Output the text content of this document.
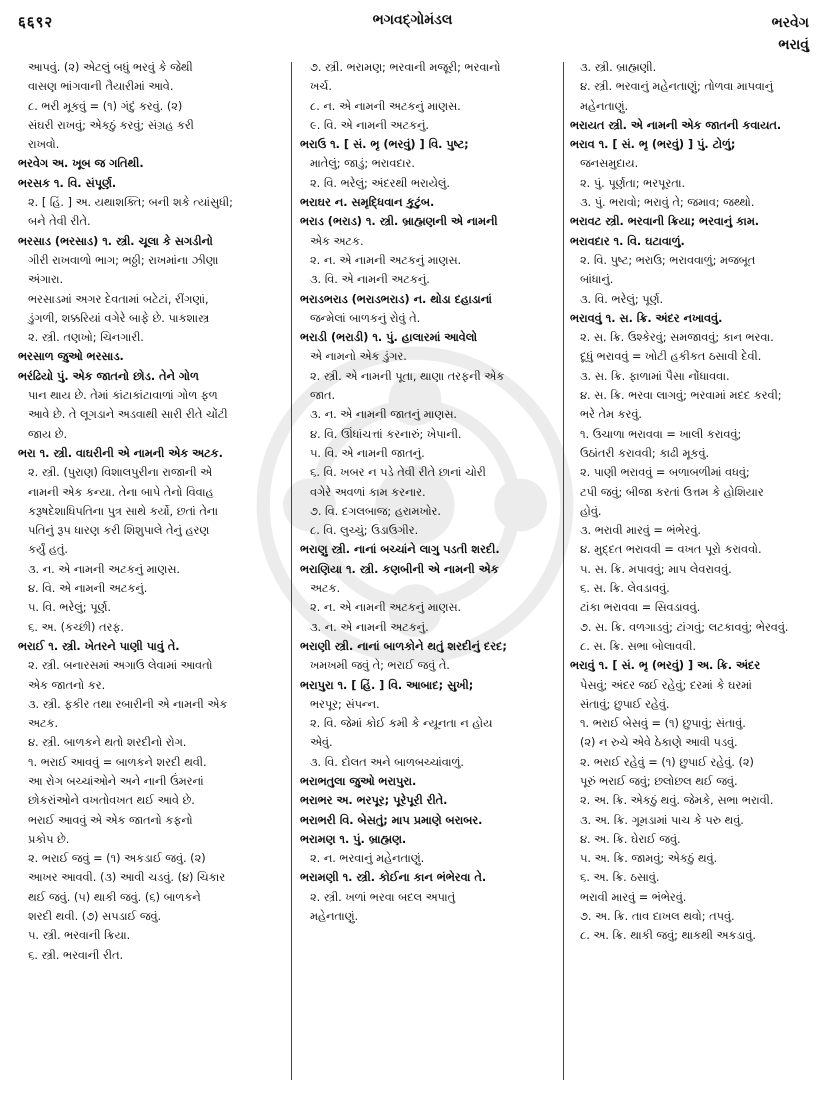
६६९२	ભગવદ્ગોમંડલ	ભરવેગ
ભરાવું
આપવું. (૨) એટલું બધું ભરવું કે જેથી
વાસણ ભાંગવાની તૈયારીમાં આવે.
૮. ભરી મૂકવું = (૧) ગંદું કરવું. (૨)
સંઘરી રાખવું; એકઠું કરવું; સંગ્રહ કરી
રાખવો.
ભરવેગ અ. ખૂબ જ ગતિથી.
ભરસક ૧. વિ. સંપૂર્ણ.
૨. [ હિં. ] અ. યથાશક્તિ; બની શકે ત્યાંસુધી;
બને તેવી રીતે.
ભરસાડ (ભરસાડ) ૧. સ્ત્રી. ચૂલા કે સગડીનો
ગીરી રાખવાળો ભાગ; ભઠ્ઠી; રાખમાંના ઝીણા
અંગારા.
ભરસાડમાં અગર દેવતામાં બટેટાં, રીંગણાં,
ડુંગળી, શક્કરિયાં વગેરે બાફે છે. પાકશાસ્ત્ર
૨. સ્ત્રી. તણખો; ચિનગારી.
ભરસાળ જુઓ ભરસાડ.
ભરંઢિયો પું. એક જાતનો છોડ. તેને ગોળ
પાન થાય છે. તેમાં કાંટાકાંટાવાળાં ગોળ ફળ
આવે છે. તે લૂગડાને અડવાથી સારી રીતે ચોંટી
જાય છે.
ભરા ૧. સ્ત્રી. વાઘરીની એ નામની એક અટક.
૨. સ્ત્રી. (પુરાણ) વિશાલપુરીના રાજાની એ
નામની એક કન્યા. તેના બાપે તેનો વિવાહ
કરૂષદેશાધિપતિના પુત્ર સાથે કર્યો, છતાં તેના
પતિનું રૂપ ધારણ કરી શિશુપાલે તેનું હરણ
કર્યું હતું.
૩. ન. એ નામની અટકનું માણસ.
૪. વિ. એ નામની અટકનું.
૫. વિ. ભરેલું; પૂર્ણ.
૬. અ. (કચ્છી) તરફ.
ભરાઈ ૧. સ્ત્રી. ખેતરને પાણી પાવું તે.
૨. સ્ત્રી. બનારસમાં અગાઉ લેવામાં આવતો
એક જાતનો કર.
૩. સ્ત્રી. ફકીર તથા રબારીની એ નામની એક
અટક.
૪. સ્ત્રી. બાળકને થતો શરદીનો રોગ.
૧. ભરાઈ આવવું = બાળકને શરદી થવી.
આ રોગ બચ્ચાંઓને અને નાની ઉંમરનાં
છોકરાંઓને વખતોવખત થઈ આવે છે.
ભરાઈ આવવું એ એક જાતનો કફનો
પ્રકોપ છે.
૨. ભરાઈ જવું = (૧) અકડાઈ જવું. (૨)
આખર આવવી. (૩) આવી ચડવું. (૪) ચિકાર
થઈ જવું. (૫) થાકી જવું. (૬) બાળકને
શરદી થવી. (૭) સપડાઈ જવું.
૫. સ્ત્રી. ભરવાની ક્રિયા.
૬. સ્ત્રી. ભરવાની રીત.
૭. સ્ત્રી. ભરામણ; ભરવાની મજૂરી; ભરવાનો
ખર્ચ.
૮. ન. એ નામની અટકનું માણસ.
૯. વિ. એ નામની અટકનું.
ભરાઉ ૧. [ સં. ભૃ (ભરવું) ] વિ. પુષ્ટ;
માતેલું; જાડું; ભરાવદાર.
૨. વિ. ભરેલું; અંદરથી ભરાયેલું.
ભરાઘર ન. સમૃદ્ધિવાન કુટુંબ.
ભરાડ (ભરાડ) ૧. સ્ત્રી. બ્રાહ્મણની એ નામની
એક અટક.
૨. ન. એ નામની અટકનું માણસ.
૩. વિ. એ નામની અટકનું.
ભરાડભરાડ (ભરાડભરાડ) ન. થોડા દહાડાનાં
જન્મેલાં બાળકનું રોવું તે.
ભરાડી (ભરાડી) ૧. પું. હાલારમાં આવેલો
એ નામનો એક ડુંગર.
૨. સ્ત્રી. એ નામની પૂતા, થાણા તરફની એક
જાત.
૩. ન. એ નામની જાતનું માણસ.
૪. વિ. ઊંધાંચત્તાં કરનારું; ખેપાની.
૫. વિ. એ નામની જાતનું.
૬. વિ. ખબર ન પડે તેવી રીતે છાનાં ચોરી
વગેરે અવળાં કામ કરનાર.
૭. વિ. દગલબાજ; હરામખોર.
૮. વિ. લુચ્ચું; ઉડાઉગીર.
ભરાણુ સ્ત્રી. નાનાં બચ્ચાંને લાગુ પડતી શરદી.
ભરાણિયા ૧. સ્ત્રી. કણબીની એ નામની એક
અટક.
૨. ન. એ નામની અટકનું માણસ.
૩. ન. એ નામની અટકનું.
ભરાણી સ્ત્રી. નાનાં બાળકોને થતું શરદીનું દરદ;
ખમખમી જવું તે; ભરાઈ જવું તે.
ભરાપુરા ૧. [ હિં. ] વિ. આબાદ; સુખી;
ભરપૂર; સંપન્ન.
૨. વિ. જેમાં કોઈ કમી કે ન્યૂનતા ન હોય
એવું.
૩. વિ. દોલત અને બાળબચ્ચાંવાળું.
ભરાભતુલા જુઓ ભરાપુરા.
ભરાભર અ. ભરપૂર; પૂરેપૂરી રીતે.
ભરાભરી વિ. બેસતું; માપ પ્રમાણે બરાબર.
ભરામણ ૧. પું. બ્રાહ્મણ.
૨. ન. ભરવાનું મહેનતાણું.
ભરામણી ૧. સ્ત્રી. કોઈના કાન ભંભેરવા તે.
૨. સ્ત્રી. ખળાં ભરવા બદલ અપાતું
મહેનતાણું.
૩. સ્ત્રી. બ્રાહ્મણી.
૪. સ્ત્રી. ભરવાનું મહેનતાણું; તોળવા માપવાનું
મહેનતાણું.
ભરાયત સ્ત્રી. એ નામની એક જાતની કવાયત.
ભરાવ ૧. [ સં. ભૃ (ભરવું) ] પું. ટોળું;
જનસમુદાય.
૨. પું. પૂર્ણતા; ભરપૂરતા.
૩. પું. ભરાવો; ભરાવું તે; જમાવ; જથ્થો.
ભરાવટ સ્ત્રી. ભરવાની ક્રિયા; ભરવાનું કામ.
ભરાવદાર ૧. વિ. ઘટાવાળું.
૨. વિ. પુષ્ટ; ભરાઉ; ભરાવવાળું; મજબૂત
બાંધાનું.
૩. વિ. ભરેલું; પૂર્ણ.
ભરાવવું ૧. સ. ક્રિ. અંદર નખાવવું.
૨. સ. ક્રિ. ઉશ્કેરવું; સમજાવવું; કાન ભરવા.
દૂધું ભરાવવું = ખોટી હકીકત ઠસાવી દેવી.
૩. સ. ક્રિ. ફાળામાં પૈસા નોંધાવવા.
૪. સ. ક્રિ. ભરવા લાગવું; ભરવામાં મદદ કરવી;
ભરે તેમ કરવું.
૧. ઉચાળા ભરાવવા = ખાલી કરાવવું;
ઉઠાંતરી કરાવવી; કાઢી મૂકવું.
૨. પાણી ભરાવવું = બળાબળીમાં વધવું;
ટપી જવું; બીજા કરતાં ઉત્તમ કે હોશિયાર
હોવું.
૩. ભરાવી મારવું = ભંભેરવું.
૪. મુદ્દત ભરાવવી = વખત પૂરો કરાવવો.
૫. સ. ક્રિ. મપાવવું; માપ લેવરાવવું.
૬. સ. ક્રિ. લેવડાવવું.
ટાંકા ભરાવવા = સિવડાવવું.
૭. સ. ક્રિ. વળગાડવું; ટાંગવું; લટકાવવું; ભેરવવું.
૮. સ. ક્રિ. સભા બોલાવવી.
ભરાવું ૧. [ સં. ભૃ (ભરવું) ] અ. ક્રિ. અંદર
પેસવું; અંદર જઈ રહેવું; દરમાં કે ઘરમાં
સંતાવું; છુપાઈ રહેવું.
૧. ભરાઈ બેસવું = (૧) છુપાવું; સંતાવું.
(૨) ન રુચે એવે ઠેકાણે આવી પડવું.
૨. ભરાઈ રહેવું = (૧) છુપાઈ રહેવું. (૨)
પૂરું ભરાઈ જવું; છલોછલ થઈ જવું.
૨. અ. ક્રિ. એકઠું થવું. જેમકે, સભા ભરાવી.
૩. અ. ક્રિ. ગૂમડામાં પાચ કે પરુ થવું.
૪. અ. ક્રિ. ઘેરાઈ જવું.
૫. અ. ક્રિ. જામવું; એકઠું થવું.
૬. અ. ક્રિ. ઠસાવું.
ભરાવી મારવું = ભંભેરવું.
૭. અ. ક્રિ. તાવ દાખલ થવો; તપવું.
૮. અ. ક્રિ. થાકી જવું; થાકથી અકડાવું.
